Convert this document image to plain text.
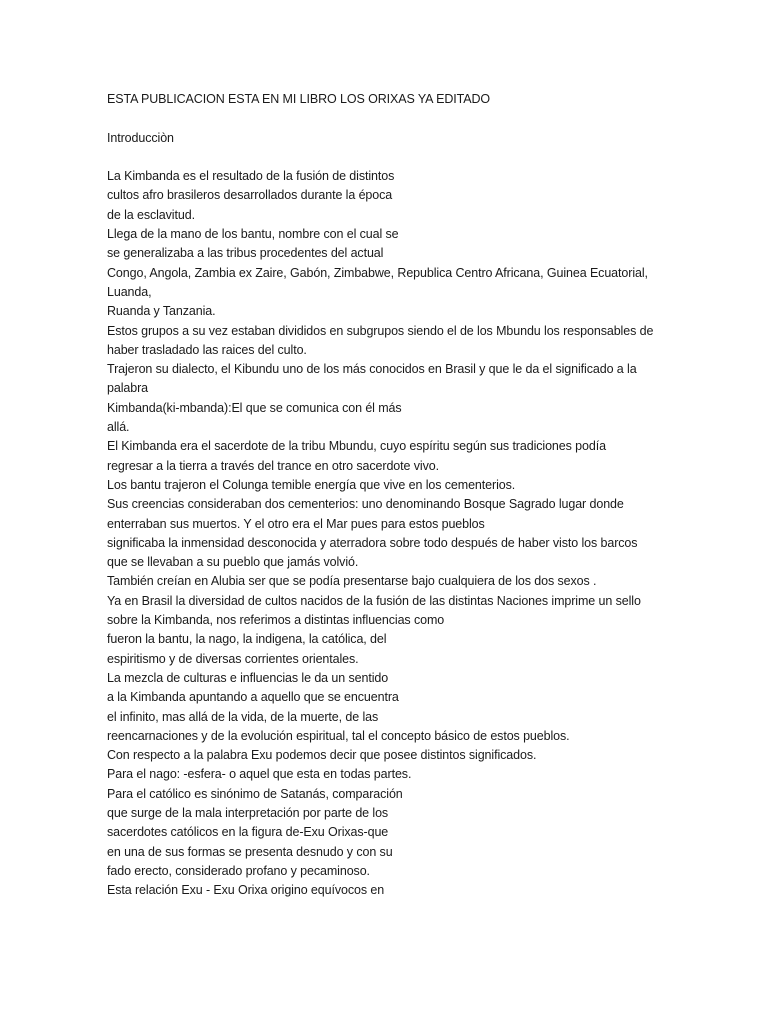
ESTA PUBLICACION ESTA EN MI LIBRO LOS ORIXAS YA EDITADO
Introducciòn
La Kimbanda es el resultado de la fusión de distintos
cultos afro brasileros desarrollados durante la época
de la esclavitud.
Llega de la mano de los bantu, nombre con el cual se
se generalizaba a las tribus procedentes del actual
Congo, Angola, Zambia ex Zaire, Gabón, Zimbabwe, Republica Centro Africana, Guinea Ecuatorial,
Luanda,
Ruanda y Tanzania.
Estos grupos a su vez estaban divididos en subgrupos siendo el de los Mbundu los responsables de
haber trasladado las raices del culto.
Trajeron su dialecto, el Kibundu uno de los más conocidos en Brasil y que le da el significado a la
palabra
Kimbanda(ki-mbanda):El que se comunica con él más
allá.
El Kimbanda era el sacerdote de la tribu Mbundu, cuyo espíritu según sus tradiciones podía
regresar a la tierra a través del trance en otro sacerdote vivo.
Los bantu trajeron el Colunga temible energía que vive en los cementerios.
Sus creencias consideraban dos cementerios: uno denominando Bosque Sagrado lugar donde
enterraban sus muertos. Y el otro era el Mar pues para estos pueblos
significaba la inmensidad desconocida y aterradora sobre todo después de haber visto los barcos
que se llevaban a su pueblo que jamás volvió.
También creían en Alubia ser que se podía presentarse bajo cualquiera de los dos sexos .
Ya en Brasil la diversidad de cultos nacidos de la fusión de las distintas Naciones imprime un sello
sobre la Kimbanda, nos referimos a distintas influencias como
fueron la bantu, la nago, la indigena, la católica, del
espiritismo y de diversas corrientes orientales.
La mezcla de culturas e influencias le da un sentido
a la Kimbanda apuntando a aquello que se encuentra
el infinito, mas allá de la vida, de la muerte, de las
reencarnaciones y de la evolución espiritual, tal el concepto básico de estos pueblos.
Con respecto a la palabra Exu podemos decir que posee distintos significados.
Para el nago: -esfera- o aquel que esta en todas partes.
Para el católico es sinónimo de Satanás, comparación
que surge de la mala interpretación por parte de los
sacerdotes católicos en la figura de-Exu Orixas-que
en una de sus formas se presenta desnudo y con su
fado erecto, considerado profano y pecaminoso.
Esta relación Exu - Exu Orixa origino equívocos en
